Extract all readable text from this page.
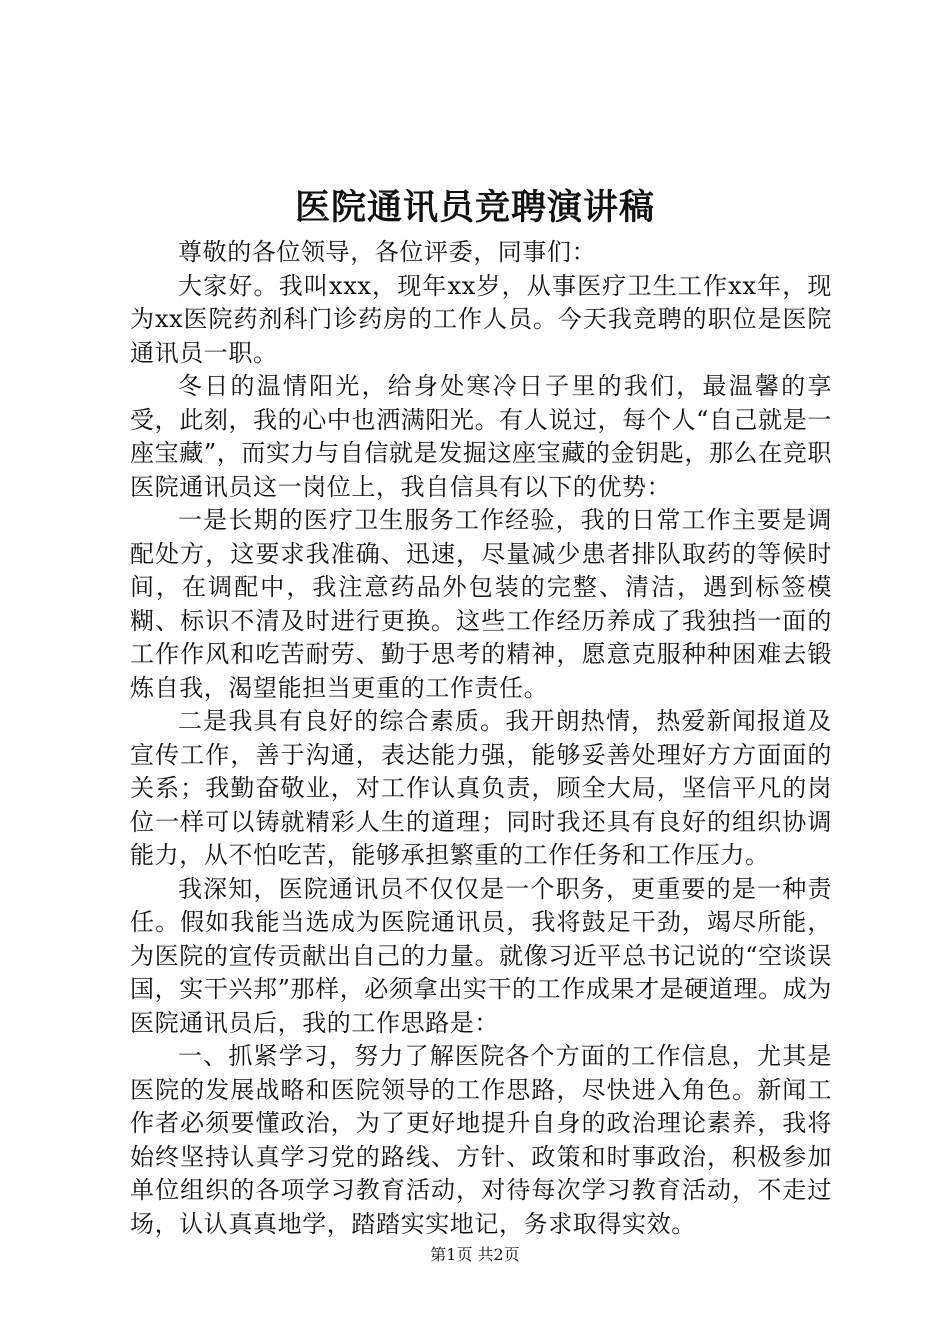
医院通讯员竞聘演讲稿

尊敬的各位领导，各位评委，同事们：

大家好。我叫xxx，现年xx岁，从事医疗卫生工作xx年，现为xx医院药剂科门诊药房的工作人员。今天我竞聘的职位是医院通讯员一职。

冬日的温情阳光，给身处寒冷日子里的我们，最温馨的享受，此刻，我的心中也洒满阳光。有人说过，每个人“自己就是一座宝藏”，而实力与自信就是发掘这座宝藏的金钥匙，那么在竞职医院通讯员这一岗位上，我自信具有以下的优势：

一是长期的医疗卫生服务工作经验，我的日常工作主要是调配处方，这要求我准确、迅速，尽量减少患者排队取药的等候时间，在调配中，我注意药品外包装的完整、清洁，遇到标签模糊、标识不清及时进行更换。这些工作经历养成了我独挡一面的工作作风和吃苦耐劳、勤于思考的精神，愿意克服种种困难去锻炼自我，渴望能担当更重的工作责任。

二是我具有良好的综合素质。我开朗热情，热爱新闻报道及宣传工作，善于沟通，表达能力强，能够妥善处理好方方面面的关系；我勤奋敬业，对工作认真负责，顾全大局，坚信平凡的岗位一样可以铸就精彩人生的道理；同时我还具有良好的组织协调能力，从不怕吃苦，能够承担繁重的工作任务和工作压力。

我深知，医院通讯员不仅仅是一个职务，更重要的是一种责任。假如我能当选成为医院通讯员，我将鼓足干劲，竭尽所能，为医院的宣传贡献出自己的力量。就像习近平总书记说的“空谈误国，实干兴邦”那样，必须拿出实干的工作成果才是硬道理。成为医院通讯员后，我的工作思路是：

一、抓紧学习，努力了解医院各个方面的工作信息，尤其是医院的发展战略和医院领导的工作思路，尽快进入角色。新闻工作者必须要懂政治，为了更好地提升自身的政治理论素养，我将始终坚持认真学习党的路线、方针、政策和时事政治，积极参加单位组织的各项学习教育活动，对待每次学习教育活动，不走过场，认认真真地学，踏踏实实地记，务求取得实效。

第1页 共2页
